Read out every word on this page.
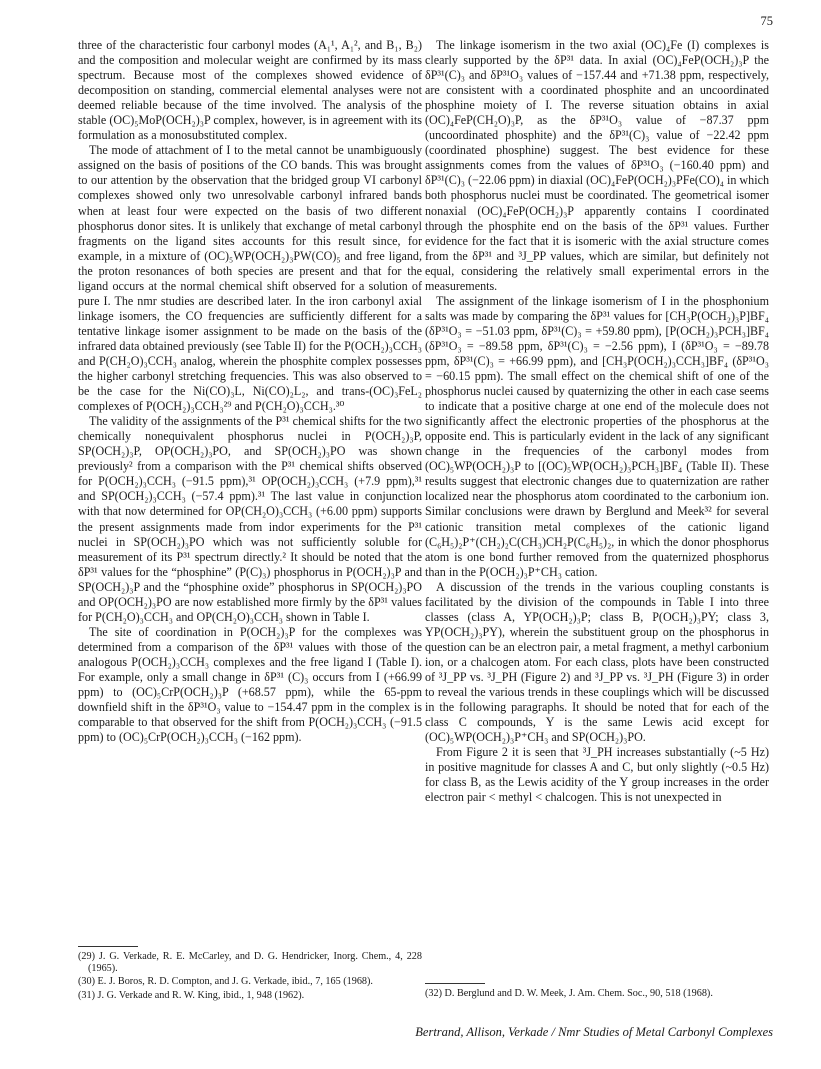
75

three of the characteristic four carbonyl modes (A₁¹, A₁², and B₁, B₂) and the composition and molecular weight are confirmed by its mass spectrum. Because most of the complexes showed evidence of decomposition on standing, commercial elemental analyses were not deemed reliable because of the time involved. The analysis of the stable (OC)₅MoP(OCH₂)₃P complex, however, is in agreement with its formulation as a monosubstituted complex.

The mode of attachment of I to the metal cannot be unambiguously assigned on the basis of positions of the CO bands. This was brought to our attention by the observation that the bridged group VI carbonyl complexes showed only two unresolvable carbonyl infrared bands when at least four were expected on the basis of two different phosphorus donor sites. It is unlikely that exchange of metal carbonyl fragments on the ligand sites accounts for this result since, for example, in a mixture of (OC)₅WP(OCH₂)₃PW(CO)₅ and free ligand, the proton resonances of both species are present and that for the ligand occurs at the normal chemical shift observed for a solution of pure I. The nmr studies are described later. In the iron carbonyl axial linkage isomers, the CO frequencies are sufficiently different for a tentative linkage isomer assignment to be made on the basis of the infrared data obtained previously (see Table II) for the P(OCH₂)₃CCH₃ and P(CH₂O)₃CCH₃ analog, wherein the phosphite complex possesses the higher carbonyl stretching frequencies. This was also observed to be the case for the Ni(CO)₃L, Ni(CO)₂L₂, and trans-(OC)₃FeL₂ complexes of P(OCH₂)₃CCH₃²⁹ and P(CH₂O)₃CCH₃.³⁰

The validity of the assignments of the P³¹ chemical shifts for the two chemically nonequivalent phosphorus nuclei in P(OCH₂)₃P, SP(OCH₂)₃P, OP(OCH₂)₃PO, and SP(OCH₂)₃PO was shown previously² from a comparison with the P³¹ chemical shifts observed for P(OCH₂)₃CCH₃ (−91.5 ppm),³¹ OP(OCH₂)₃CCH₃ (+7.9 ppm),³¹ and SP(OCH₂)₃CCH₃ (−57.4 ppm).³¹ The last value in conjunction with that now determined for OP(CH₂O)₃CCH₃ (+6.00 ppm) supports the present assignments made from indor experiments for the P³¹ nuclei in SP(OCH₂)₃PO which was not sufficiently soluble for measurement of its P³¹ spectrum directly.² It should be noted that the δP³¹ values for the “phosphine” (P(C)₃) phosphorus in P(OCH₂)₃P and SP(OCH₂)₃P and the “phosphine oxide” phosphorus in SP(OCH₂)₃PO and OP(OCH₂)₃PO are now established more firmly by the δP³¹ values for P(CH₂O)₃CCH₃ and OP(CH₂O)₃CCH₃ shown in Table I.

The site of coordination in P(OCH₂)₃P for the complexes was determined from a comparison of the δP³¹ values with those of the analogous P(OCH₂)₃CCH₃ complexes and the free ligand I (Table I). For example, only a small change in δP³¹ (C)₃ occurs from I (+66.99 ppm) to (OC)₅CrP(OCH₂)₃P (+68.57 ppm), while the 65-ppm downfield shift in the δP³¹O₃ value to −154.47 ppm in the complex is comparable to that observed for the shift from P(OCH₂)₃CCH₃ (−91.5 ppm) to (OC)₅CrP(OCH₂)₃CCH₃ (−162 ppm).

The linkage isomerism in the two axial (OC)₄Fe (I) complexes is clearly supported by the δP³¹ data. In axial (OC)₄FeP(OCH₂)₃P the δP³¹(C)₃ and δP³¹O₃ values of −157.44 and +71.38 ppm, respectively, are consistent with a coordinated phosphite and an uncoordinated phosphine moiety of I. The reverse situation obtains in axial (OC)₄FeP(CH₂O)₃P, as the δP³¹O₃ value of −87.37 ppm (uncoordinated phosphite) and the δP³¹(C)₃ value of −22.42 ppm (coordinated phosphine) suggest. The best evidence for these assignments comes from the values of δP³¹O₃ (−160.40 ppm) and δP³¹(C)₃ (−22.06 ppm) in diaxial (OC)₄FeP(OCH₂)₃PFe(CO)₄ in which both phosphorus nuclei must be coordinated. The geometrical isomer nonaxial (OC)₄FeP(OCH₂)₃P apparently contains I coordinated through the phosphite end on the basis of the δP³¹ values. Further evidence for the fact that it is isomeric with the axial structure comes from the δP³¹ and ³J_PP values, which are similar, but definitely not equal, considering the relatively small experimental errors in the measurements.

The assignment of the linkage isomerism of I in the phosphonium salts was made by comparing the δP³¹ values for [CH₃P(OCH₂)₃P]BF₄ (δP³¹O₃ = −51.03 ppm, δP³¹(C)₃ = +59.80 ppm), [P(OCH₂)₃PCH₃]BF₄ (δP³¹O₃ = −89.58 ppm, δP³¹(C)₃ = −2.56 ppm), I (δP³¹O₃ = −89.78 ppm, δP³¹(C)₃ = +66.99 ppm), and [CH₃P(OCH₂)₃CCH₃]BF₄ (δP³¹O₃ = −60.15 ppm). The small effect on the chemical shift of one of the phosphorus nuclei caused by quaternizing the other in each case seems to indicate that a positive charge at one end of the molecule does not significantly affect the electronic properties of the phosphorus at the opposite end. This is particularly evident in the lack of any significant change in the frequencies of the carbonyl modes from (OC)₅WP(OCH₂)₃P to [(OC)₅WP(OCH₂)₃PCH₃]BF₄ (Table II). These results suggest that electronic changes due to quaternization are rather localized near the phosphorus atom coordinated to the carbonium ion. Similar conclusions were drawn by Berglund and Meek³² for several cationic transition metal complexes of the cationic ligand (C₆H₅)₂P⁺(CH₂)₂C(CH₃)CH₂P(C₆H₅)₂, in which the donor phosphorus atom is one bond further removed from the quaternized phosphorus than in the P(OCH₂)₃P⁺CH₃ cation.

A discussion of the trends in the various coupling constants is facilitated by the division of the compounds in Table I into three classes (class A, YP(OCH₂)₃P; class B, P(OCH₂)₃PY; class 3, YP(OCH₂)₃PY), wherein the substituent group on the phosphorus in question can be an electron pair, a metal fragment, a methyl carbonium ion, or a chalcogen atom. For each class, plots have been constructed of ³J_PP vs. ³J_PH (Figure 2) and ³J_PP vs. ³J_PH (Figure 3) in order to reveal the various trends in these couplings which will be discussed in the following paragraphs. It should be noted that for each of the class C compounds, Y is the same Lewis acid except for (OC)₅WP(OCH₂)₃P⁺CH₃ and SP(OCH₂)₃PO.

From Figure 2 it is seen that ³J_PH increases substantially (~5 Hz) in positive magnitude for classes A and C, but only slightly (~0.5 Hz) for class B, as the Lewis acidity of the Y group increases in the order electron pair < methyl < chalcogen. This is not unexpected in

(29) J. G. Verkade, R. E. McCarley, and D. G. Hendricker, Inorg. Chem., 4, 228 (1965).

(30) E. J. Boros, R. D. Compton, and J. G. Verkade, ibid., 7, 165 (1968).

(31) J. G. Verkade and R. W. King, ibid., 1, 948 (1962).	(32) D. Berglund and D. W. Meek, J. Am. Chem. Soc., 90, 518 (1968).

Bertrand, Allison, Verkade / Nmr Studies of Metal Carbonyl Complexes
